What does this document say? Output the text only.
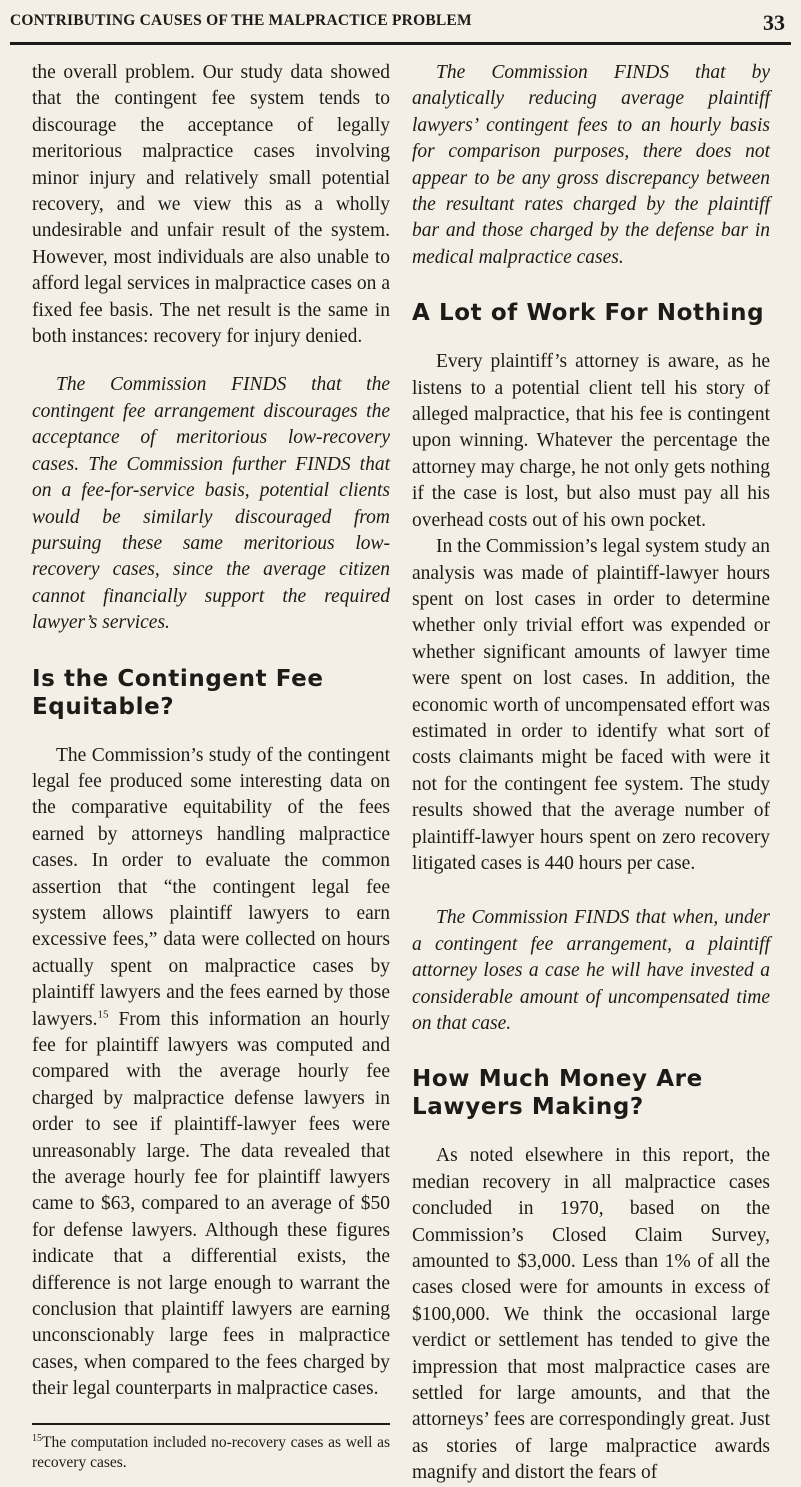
CONTRIBUTING CAUSES OF THE MALPRACTICE PROBLEM	33

the overall problem. Our study data showed that the contingent fee system tends to discourage the acceptance of legally meritorious malpractice cases involving minor injury and relatively small potential recovery, and we view this as a wholly undesirable and unfair result of the system. However, most individuals are also unable to afford legal services in malpractice cases on a fixed fee basis. The net result is the same in both instances: recovery for injury denied.

The Commission FINDS that the contingent fee arrangement discourages the acceptance of meritorious low-recovery cases. The Commission further FINDS that on a fee-for-service basis, potential clients would be similarly discouraged from pursuing these same meritorious low-recovery cases, since the average citizen cannot financially support the required lawyer’s services.

Is the Contingent Fee Equitable?

The Commission’s study of the contingent legal fee produced some interesting data on the comparative equitability of the fees earned by attorneys handling malpractice cases. In order to evaluate the common assertion that “the contingent legal fee system allows plaintiff lawyers to earn excessive fees,” data were collected on hours actually spent on malpractice cases by plaintiff lawyers and the fees earned by those lawyers.$^{15}$ From this information an hourly fee for plaintiff lawyers was computed and compared with the average hourly fee charged by malpractice defense lawyers in order to see if plaintiff-lawyer fees were unreasonably large. The data revealed that the average hourly fee for plaintiff lawyers came to $63, compared to an average of $50 for defense lawyers. Although these figures indicate that a differential exists, the difference is not large enough to warrant the conclusion that plaintiff lawyers are earning unconscionably large fees in malpractice cases, when compared to the fees charged by their legal counterparts in malpractice cases.

$^{15}$The computation included no-recovery cases as well as recovery cases.

The Commission FINDS that by analytically reducing average plaintiff lawyers’ contingent fees to an hourly basis for comparison purposes, there does not appear to be any gross discrepancy between the resultant rates charged by the plaintiff bar and those charged by the defense bar in medical malpractice cases.

A Lot of Work For Nothing

Every plaintiff’s attorney is aware, as he listens to a potential client tell his story of alleged malpractice, that his fee is contingent upon winning. Whatever the percentage the attorney may charge, he not only gets nothing if the case is lost, but also must pay all his overhead costs out of his own pocket.

In the Commission’s legal system study an analysis was made of plaintiff-lawyer hours spent on lost cases in order to determine whether only trivial effort was expended or whether significant amounts of lawyer time were spent on lost cases. In addition, the economic worth of uncompensated effort was estimated in order to identify what sort of costs claimants might be faced with were it not for the contingent fee system. The study results showed that the average number of plaintiff-lawyer hours spent on zero recovery litigated cases is 440 hours per case.

The Commission FINDS that when, under a contingent fee arrangement, a plaintiff attorney loses a case he will have invested a considerable amount of uncompensated time on that case.

How Much Money Are Lawyers Making?

As noted elsewhere in this report, the median recovery in all malpractice cases concluded in 1970, based on the Commission’s Closed Claim Survey, amounted to $3,000. Less than 1% of all the cases closed were for amounts in excess of $100,000. We think the occasional large verdict or settlement has tended to give the impression that most malpractice cases are settled for large amounts, and that the attorneys’ fees are correspondingly great. Just as stories of large malpractice awards magnify and distort the fears of
